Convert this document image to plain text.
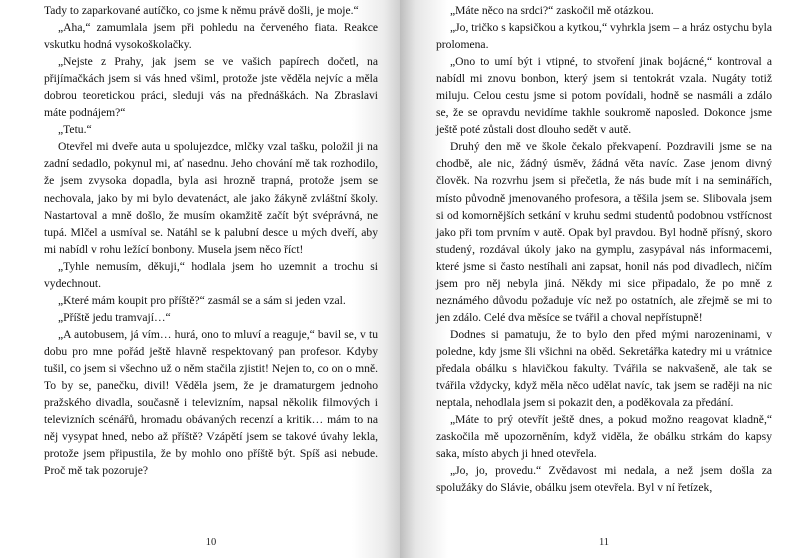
Tady to zaparkované autíčko, co jsme k němu právě došli, je moje.“

„Aha,“ zamumlala jsem při pohledu na červeného fiata. Reakce vskutku hodná vysokoškolačky.

„Nejste z Prahy, jak jsem se ve vašich papírech dočetl, na přijímačkách jsem si vás hned všiml, protože jste věděla nejvíc a měla dobrou teoretickou práci, sleduji vás na přednáškách. Na Zbraslavi máte podnájem?“

„Tetu.“

Otevřel mi dveře auta u spolujezdce, mlčky vzal tašku, položil ji na zadní sedadlo, pokynul mi, ať nasednu. Jeho chování mě tak rozhodilo, že jsem zvysoka dopadla, byla asi hrozně trapná, protože jsem se nechovala, jako by mi bylo devatenáct, ale jako žákyně zvláštní školy. Nastartoval a mně došlo, že musím okamžitě začít být svéprávná, ne tupá. Mlčel a usmíval se. Natáhl se k palubní desce u mých dveří, aby mi nabídl v rohu ležící bonbony. Musela jsem něco říct!

„Tyhle nemusím, děkuji,“ hodlala jsem ho uzemnit a trochu si vydechnout.

„Které mám koupit pro příště?“ zasmál se a sám si jeden vzal.

„Příště jedu tramvají…“

„A autobusem, já vím… hurá, ono to mluví a reaguje,“ bavil se, v tu dobu pro mne pořád ještě hlavně respektovaný pan profesor. Kdyby tušil, co jsem si všechno už o něm stačila zjistit! Nejen to, co on o mně. To by se, panečku, divil! Věděla jsem, že je dramaturgem jednoho pražského divadla, současně i televizním, napsal několik filmových i televizních scénářů, hromadu obávaných recenzí a kritik… mám to na něj vysypat hned, nebo až příště? Vzápětí jsem se takové úvahy lekla, protože jsem připustila, že by mohlo ono příště být. Spíš asi nebude. Proč mě tak pozoruje?

10

„Máte něco na srdci?“ zaskočil mě otázkou.

„Jo, tričko s kapsičkou a kytkou,“ vyhrkla jsem – a hráz ostychu byla prolomena.

„Ono to umí být i vtipné, to stvoření jinak bojácné,“ kontroval a nabídl mi znovu bonbon, který jsem si tentokrát vzala. Nugáty totiž miluju. Celou cestu jsme si potom povídali, hodně se nasmáli a zdálo se, že se opravdu nevidíme takhle soukromě naposled. Dokonce jsme ještě poté zůstali dost dlouho sedět v autě.

Druhý den mě ve škole čekalo překvapení. Pozdravili jsme se na chodbě, ale nic, žádný úsměv, žádná věta navíc. Zase jenom divný člověk. Na rozvrhu jsem si přečetla, že nás bude mít i na seminářích, místo původně jmenovaného profesora, a těšila jsem se. Slibovala jsem si od komornějších setkání v kruhu sedmi studentů podobnou vstřícnost jako při tom prvním v autě. Opak byl pravdou. Byl hodně přísný, skoro studený, rozdával úkoly jako na gymplu, zasypával nás informacemi, které jsme si často nestíhali ani zapsat, honil nás pod divadlech, ničím jsem pro něj nebyla jiná. Někdy mi sice připadalo, že po mně z neznámého důvodu požaduje víc než po ostatních, ale zřejmě se mi to jen zdálo. Celé dva měsíce se tvářil a choval nepřístupně!

Dodnes si pamatuju, že to bylo den před mými narozeninami, v poledne, kdy jsme šli všichni na oběd. Sekretářka katedry mi u vrátnice předala obálku s hlavičkou fakulty. Tvářila se nakvašeně, ale tak se tvářila vždycky, když měla něco udělat navíc, tak jsem se raději na nic neptala, nehodlala jsem si pokazit den, a poděkovala za předání.

„Máte to prý otevřít ještě dnes, a pokud možno reagovat kladně,“ zaskočila mě upozorněním, když viděla, že obálku strkám do kapsy saka, místo abych ji hned otevřela.

„Jo, jo, provedu.“ Zvědavost mi nedala, a než jsem došla za spolužáky do Slávie, obálku jsem otevřela. Byl v ní řetízek,

11
